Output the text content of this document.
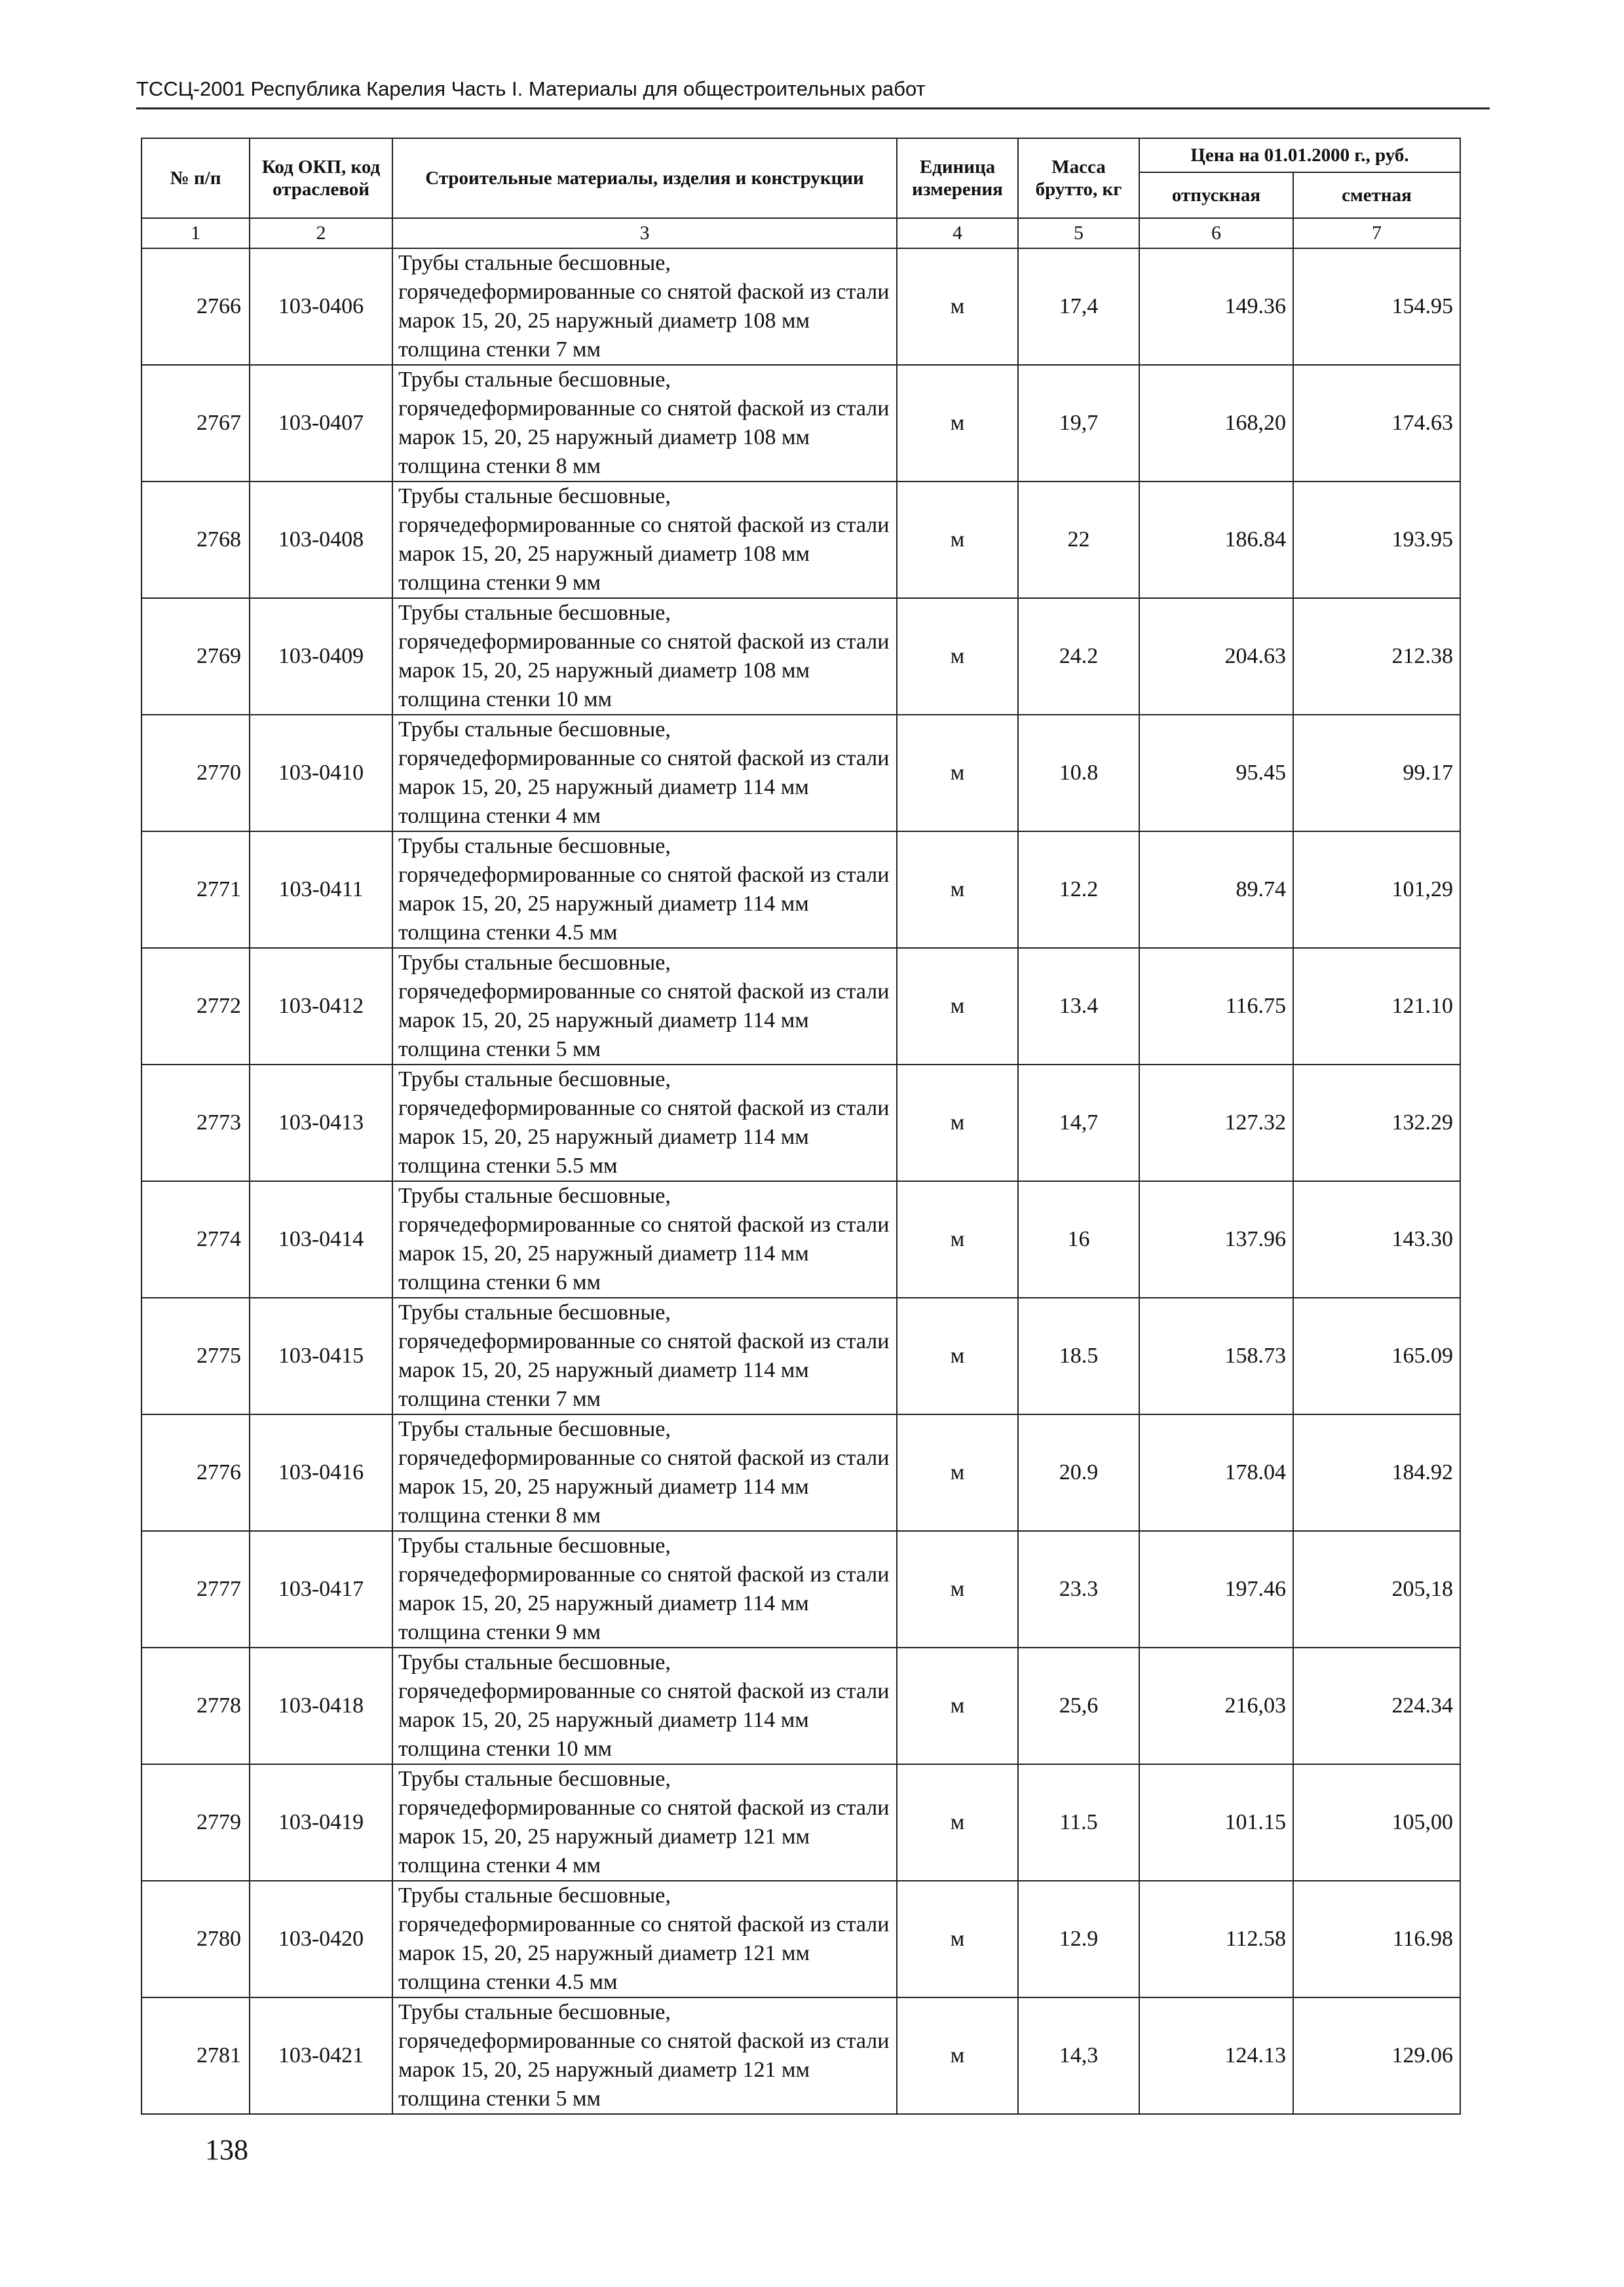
ТССЦ-2001 Республика Карелия Часть I. Материалы для общестроительных работ
№ п/п	Код ОКП, код отраслевой	Строительные материалы, изделия и конструкции	Единица измерения	Масса брутто, кг	Цена на 01.01.2000 г., руб.	
					отпускная	сметная
1	2	3	4	5	6	7
2766	103-0406	Трубы стальные бесшовные, горячедеформированные со снятой фаской из стали марок 15, 20, 25 наружный диаметр 108 мм толщина стенки 7 мм	м	17,4	149.36	154.95
2767	103-0407	Трубы стальные бесшовные, горячедеформированные со снятой фаской из стали марок 15, 20, 25 наружный диаметр 108 мм толщина стенки 8 мм	м	19,7	168,20	174.63
2768	103-0408	Трубы стальные бесшовные, горячедеформированные со снятой фаской из стали марок 15, 20, 25 наружный диаметр 108 мм толщина стенки 9 мм	м	22	186.84	193.95
2769	103-0409	Трубы стальные бесшовные, горячедеформированные со снятой фаской из стали марок 15, 20, 25 наружный диаметр 108 мм толщина стенки 10 мм	м	24.2	204.63	212.38
2770	103-0410	Трубы стальные бесшовные, горячедеформированные со снятой фаской из стали марок 15, 20, 25 наружный диаметр 114 мм толщина стенки 4 мм	м	10.8	95.45	99.17
2771	103-0411	Трубы стальные бесшовные, горячедеформированные со снятой фаской из стали марок 15, 20, 25 наружный диаметр 114 мм толщина стенки 4.5 мм	м	12.2	89.74	101,29
2772	103-0412	Трубы стальные бесшовные, горячедеформированные со снятой фаской из стали марок 15, 20, 25 наружный диаметр 114 мм толщина стенки 5 мм	м	13.4	116.75	121.10
2773	103-0413	Трубы стальные бесшовные, горячедеформированные со снятой фаской из стали марок 15, 20, 25 наружный диаметр 114 мм толщина стенки 5.5 мм	м	14,7	127.32	132.29
2774	103-0414	Трубы стальные бесшовные, горячедеформированные со снятой фаской из стали марок 15, 20, 25 наружный диаметр 114 мм толщина стенки 6 мм	м	16	137.96	143.30
2775	103-0415	Трубы стальные бесшовные, горячедеформированные со снятой фаской из стали марок 15, 20, 25 наружный диаметр 114 мм толщина стенки 7 мм	м	18.5	158.73	165.09
2776	103-0416	Трубы стальные бесшовные, горячедеформированные со снятой фаской из стали марок 15, 20, 25 наружный диаметр 114 мм толщина стенки 8 мм	м	20.9	178.04	184.92
2777	103-0417	Трубы стальные бесшовные, горячедеформированные со снятой фаской из стали марок 15, 20, 25 наружный диаметр 114 мм толщина стенки 9 мм	м	23.3	197.46	205,18
2778	103-0418	Трубы стальные бесшовные, горячедеформированные со снятой фаской из стали марок 15, 20, 25 наружный диаметр 114 мм толщина стенки 10 мм	м	25,6	216,03	224.34
2779	103-0419	Трубы стальные бесшовные, горячедеформированные со снятой фаской из стали марок 15, 20, 25 наружный диаметр 121 мм толщина стенки 4 мм	м	11.5	101.15	105,00
2780	103-0420	Трубы стальные бесшовные, горячедеформированные со снятой фаской из стали марок 15, 20, 25 наружный диаметр 121 мм толщина стенки 4.5 мм	м	12.9	112.58	116.98
2781	103-0421	Трубы стальные бесшовные, горячедеформированные со снятой фаской из стали марок 15, 20, 25 наружный диаметр 121 мм толщина стенки 5 мм	м	14,3	124.13	129.06
138
